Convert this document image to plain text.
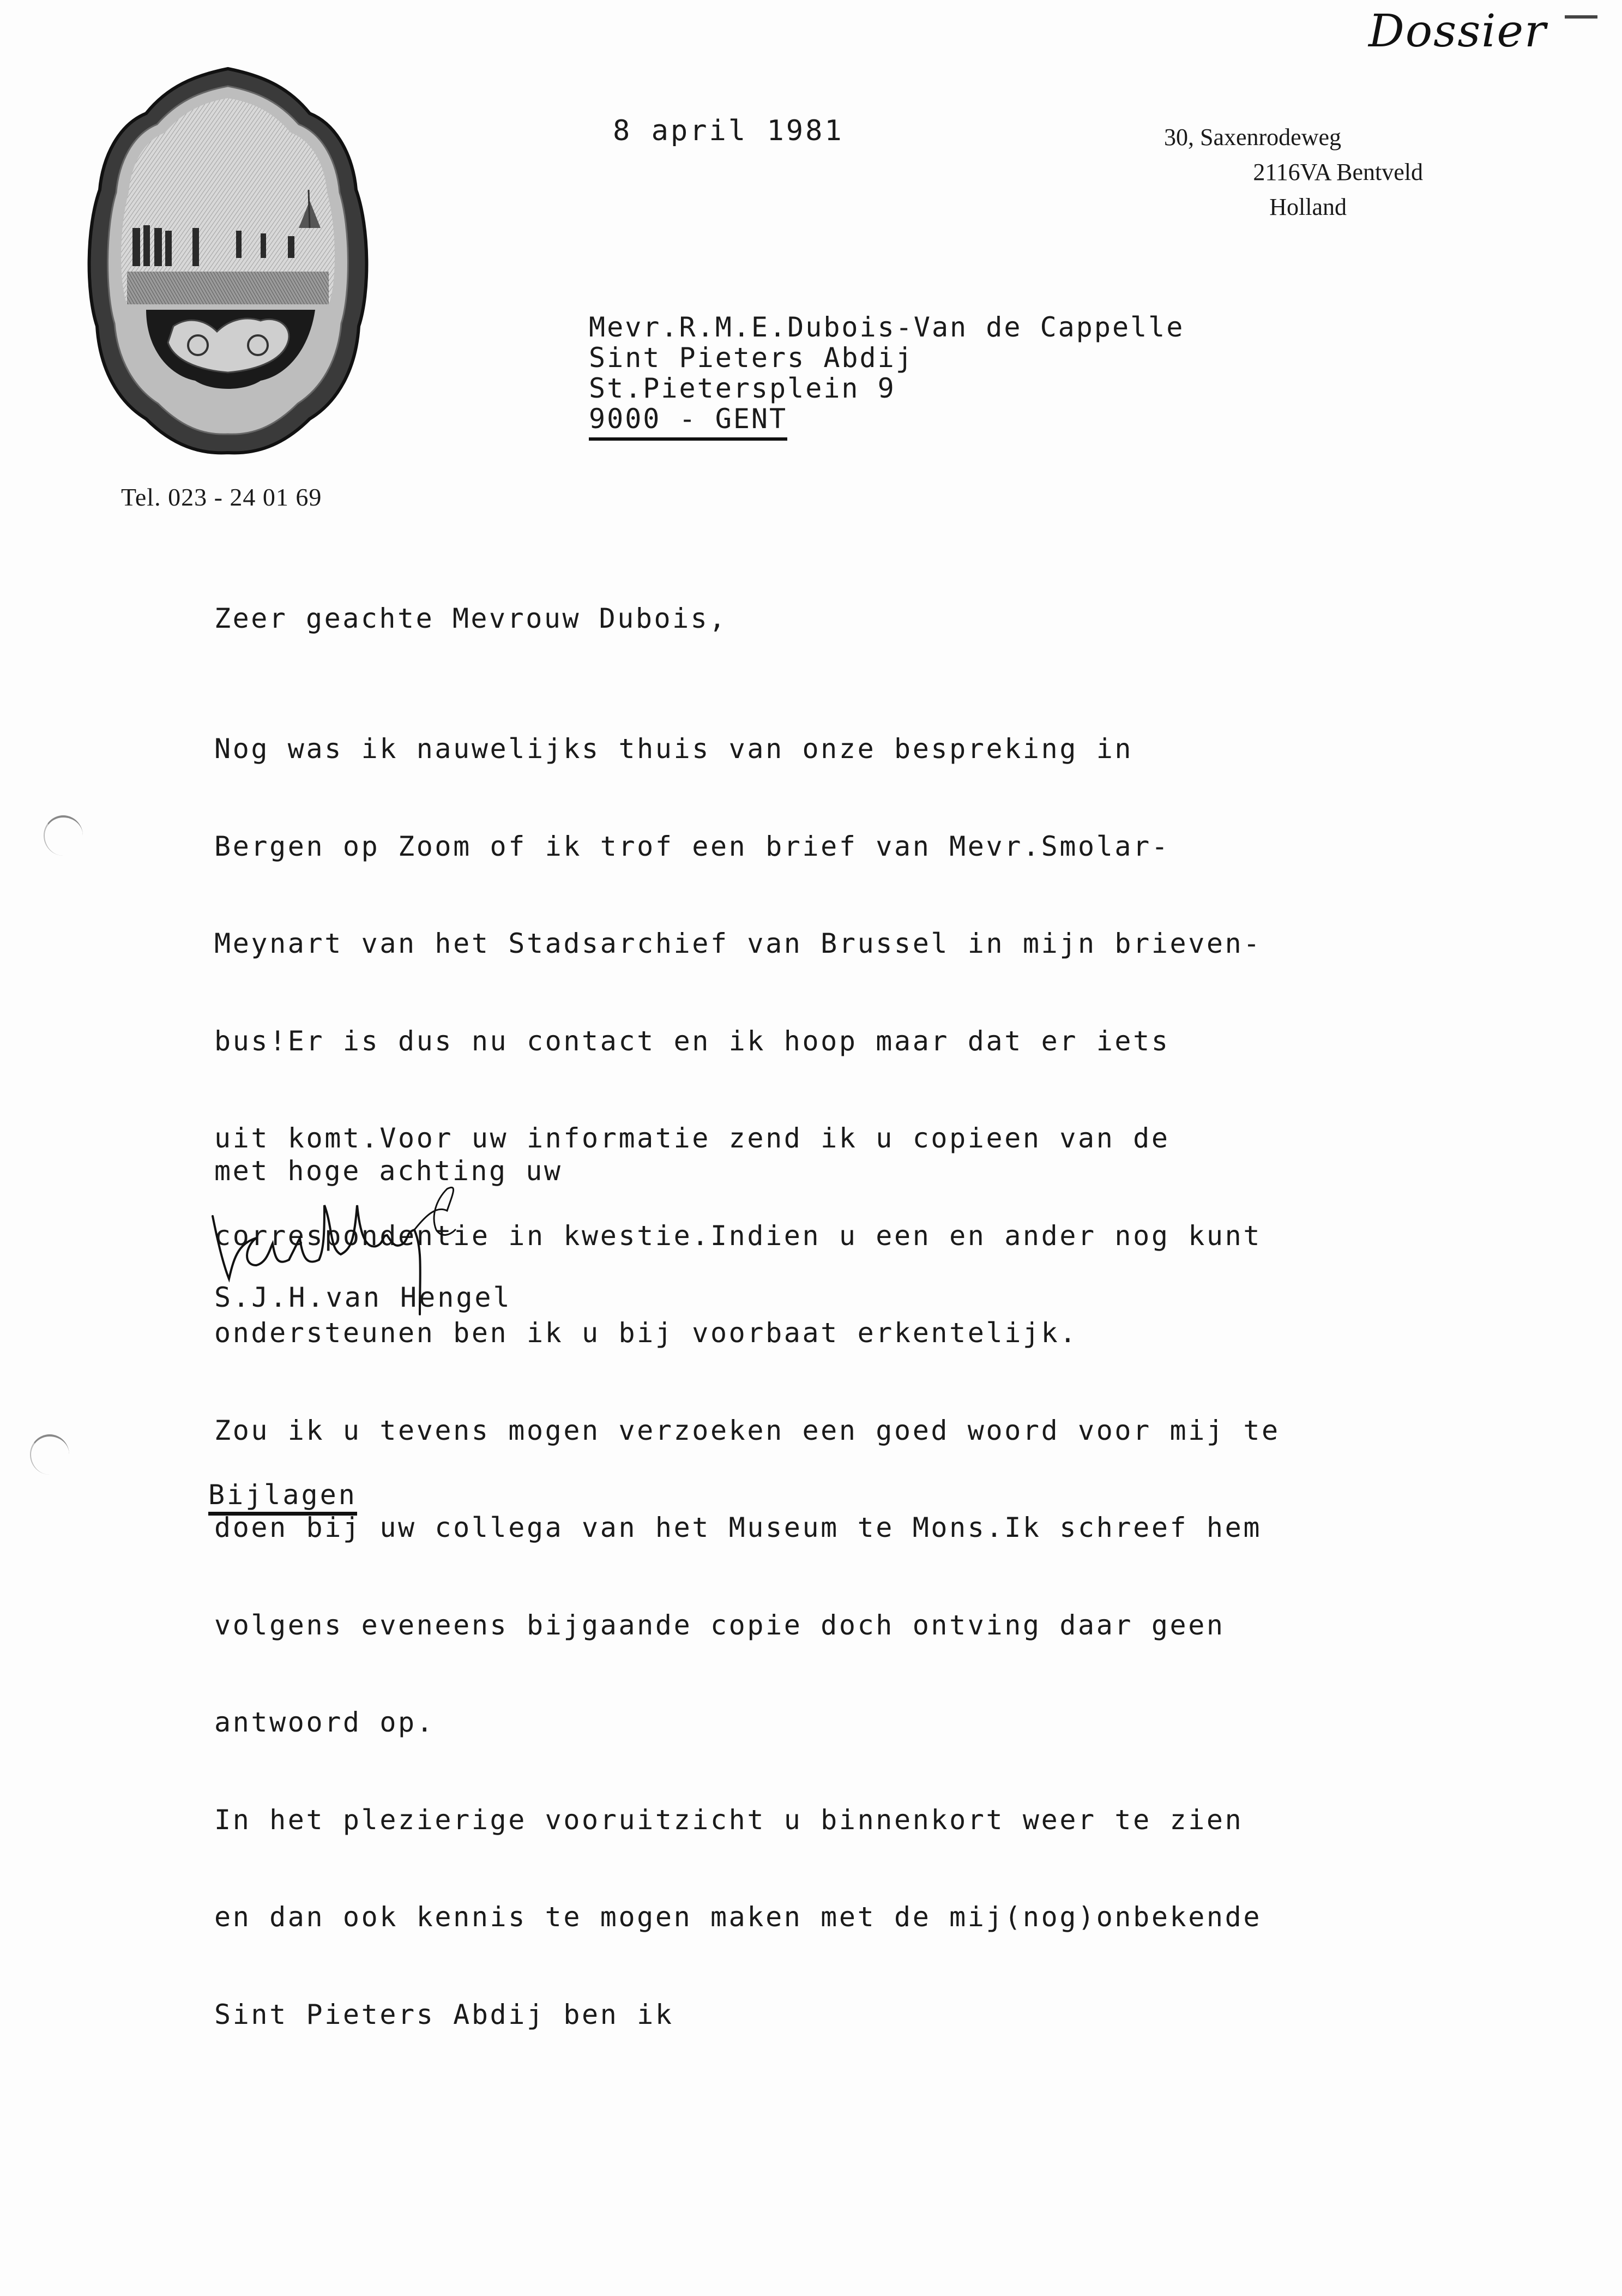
Dossier
Tel. 023 - 24 01 69
8 april 1981	30, Saxenrodeweg
2116VA Bentveld
Holland
Mevr.R.M.E.Dubois-Van de Cappelle
Sint Pieters Abdij
St.Pietersplein 9
9000 - GENT
Zeer geachte Mevrouw Dubois,

Nog was ik nauwelijks thuis van onze bespreking in

Bergen op Zoom of ik trof een brief van Mevr.Smolar-

Meynart van het Stadsarchief van Brussel in mijn brieven-

bus!Er is dus nu contact en ik hoop maar dat er iets

uit komt.Voor uw informatie zend ik u copieen van de

correspondentie in kwestie.Indien u een en ander nog kunt

ondersteunen ben ik u bij voorbaat erkentelijk.

Zou ik u tevens mogen verzoeken een goed woord voor mij te

doen bij uw collega van het Museum te Mons.Ik schreef hem

volgens eveneens bijgaande copie doch ontving daar geen

antwoord op.

In het plezierige vooruitzicht u binnenkort weer te zien

en dan ook kennis te mogen maken met de mij(nog)onbekende

Sint Pieters Abdij ben ik

met hoge achting uw
S.J.H.van Hengel
Bijlagen
